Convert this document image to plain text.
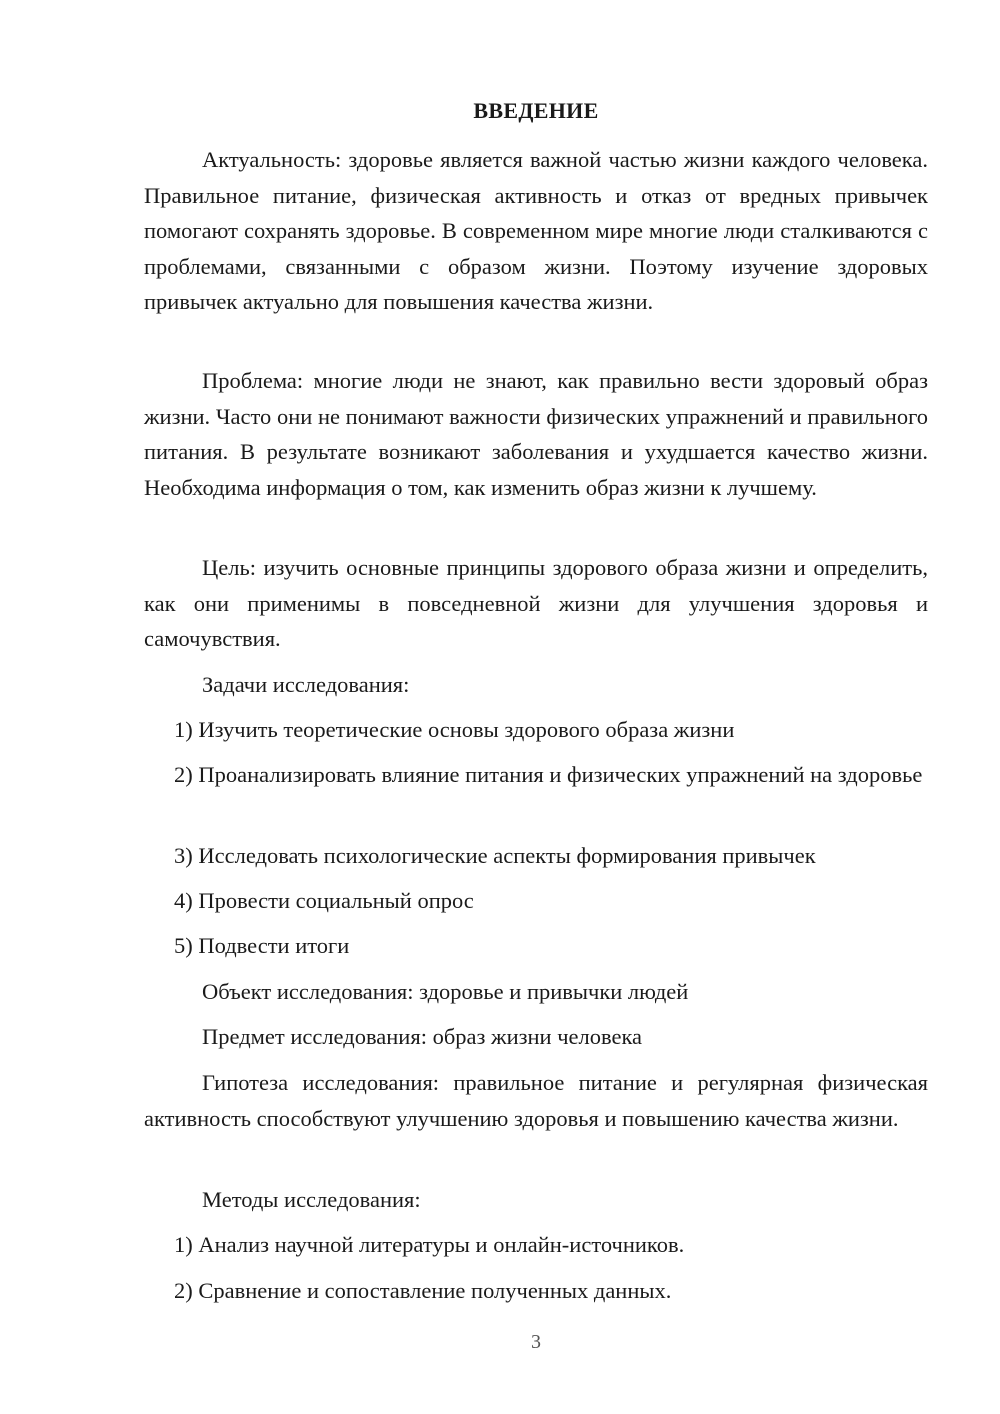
ВВЕДЕНИЕ

Актуальность: здоровье является важной частью жизни каждого человека. Правильное питание, физическая активность и отказ от вредных привычек помогают сохранять здоровье. В современном мире многие люди сталкиваются с проблемами, связанными с образом жизни. Поэтому изучение здоровых привычек актуально для повышения качества жизни.

Проблема: многие люди не знают, как правильно вести здоровый образ жизни. Часто они не понимают важности физических упражнений и правильного питания. В результате возникают заболевания и ухудшается качество жизни. Необходима информация о том, как изменить образ жизни к лучшему.

Цель: изучить основные принципы здорового образа жизни и определить, как они применимы в повседневной жизни для улучшения здоровья и самочувствия.

Задачи исследования:

1) Изучить теоретические основы здорового образа жизни

2) Проанализировать влияние питания и физических упражнений на здоровье

3) Исследовать психологические аспекты формирования привычек

4) Провести социальный опрос

5) Подвести итоги

Объект исследования: здоровье и привычки людей

Предмет исследования: образ жизни человека

Гипотеза исследования: правильное питание и регулярная физическая активность способствуют улучшению здоровья и повышению качества жизни.

Методы исследования:

1) Анализ научной литературы и онлайн-источников.

2) Сравнение и сопоставление полученных данных.

3
